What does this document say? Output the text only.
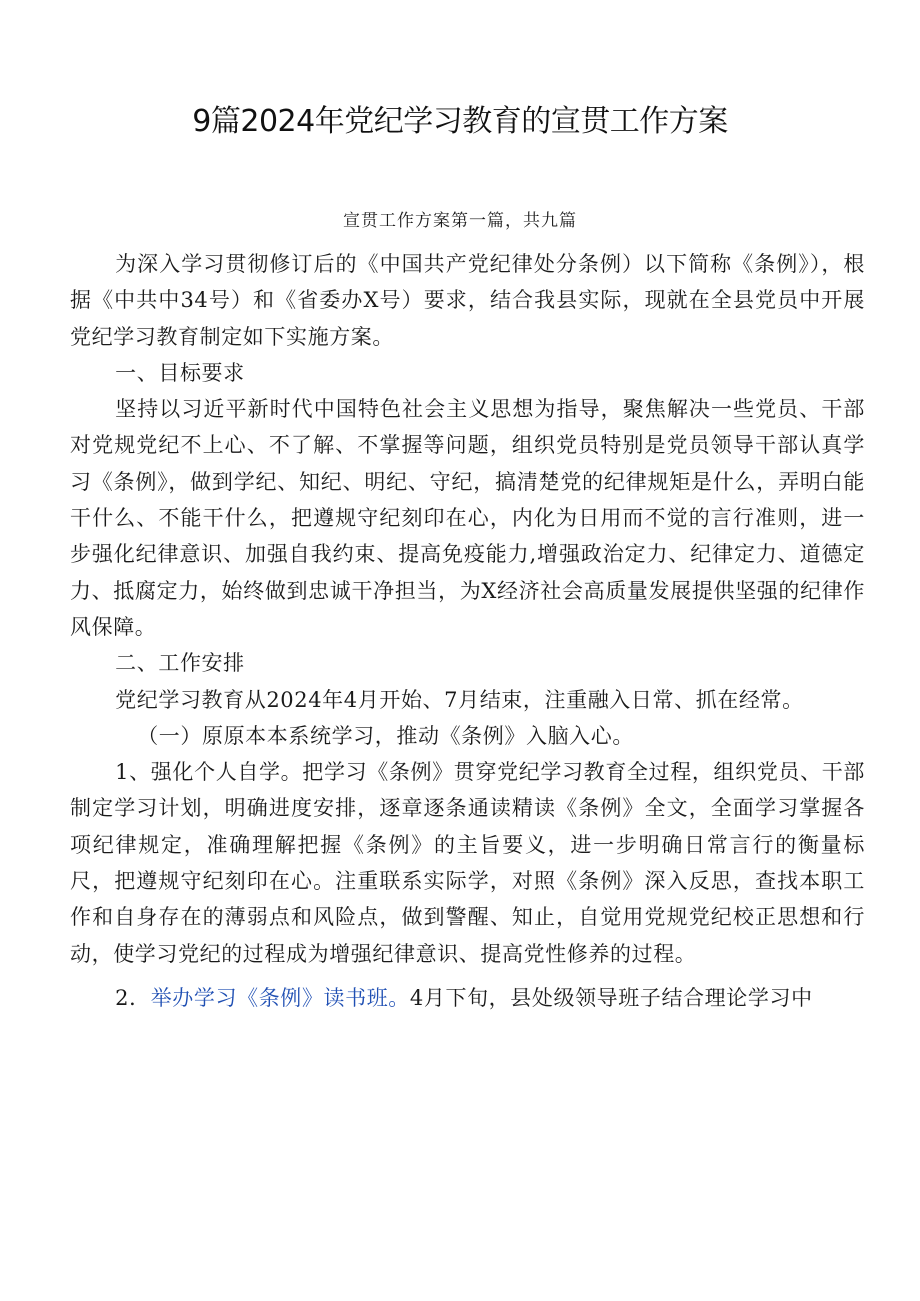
9篇2024年党纪学习教育的宣贯工作方案
宣贯工作方案第一篇，共九篇

为深入学习贯彻修订后的《中国共产党纪律处分条例）以下简称《条例》），根据《中共中34号）和《省委办X号）要求，结合我县实际，现就在全县党员中开展党纪学习教育制定如下实施方案。

一、目标要求

坚持以习近平新时代中国特色社会主义思想为指导，聚焦解决一些党员、干部对党规党纪不上心、不了解、不掌握等问题，组织党员特别是党员领导干部认真学习《条例》，做到学纪、知纪、明纪、守纪，搞清楚党的纪律规矩是什么，弄明白能干什么、不能干什么，把遵规守纪刻印在心，内化为日用而不觉的言行准则，进一步强化纪律意识、加强自我约束、提高免疫能力,增强政治定力、纪律定力、道德定力、抵腐定力，始终做到忠诚干净担当，为X经济社会高质量发展提供坚强的纪律作风保障。

二、工作安排

党纪学习教育从2024年4月开始、7月结束，注重融入日常、抓在经常。

（一）原原本本系统学习，推动《条例》入脑入心。

1、强化个人自学。把学习《条例》贯穿党纪学习教育全过程，组织党员、干部制定学习计划，明确进度安排，逐章逐条通读精读《条例》全文，全面学习掌握各项纪律规定，准确理解把握《条例》的主旨要义，进一步明确日常言行的衡量标尺，把遵规守纪刻印在心。注重联系实际学，对照《条例》深入反思，查找本职工作和自身存在的薄弱点和风险点，做到警醒、知止，自觉用党规党纪校正思想和行动，使学习党纪的过程成为增强纪律意识、提高党性修养的过程。

2．举办学习《条例》读书班。4月下旬，县处级领导班子结合理论学习中
